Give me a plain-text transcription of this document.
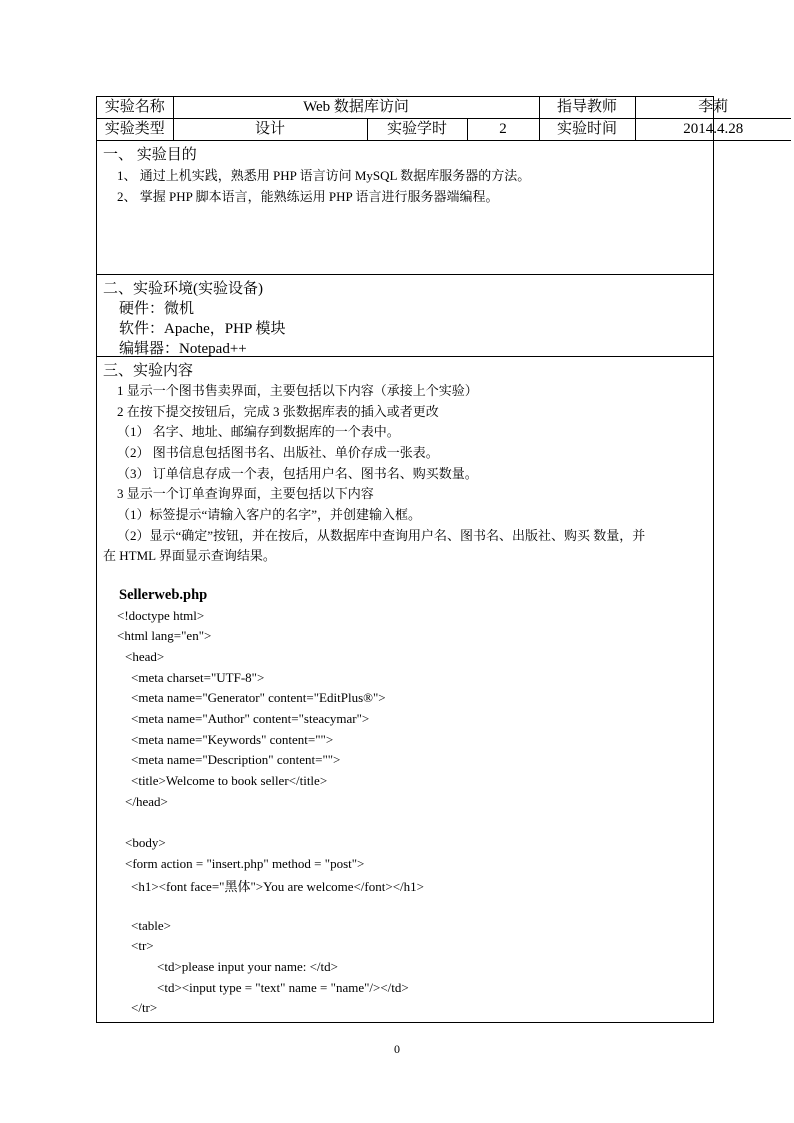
实验名称	Web 数据库访问			指导教师	李莉
实验类型	设计	实验学时	2	实验时间	2014.4.28
一、 实验目的
1、 通过上机实践，熟悉用 PHP 语言访问 MySQL 数据库服务器的方法。
2、 掌握 PHP 脚本语言，能熟练运用 PHP 语言进行服务器端编程。
二、实验环境(实验设备)
硬件：微机
软件：Apache，PHP 模块
编辑器：Notepad++
三、实验内容
1 显示一个图书售卖界面，主要包括以下内容（承接上个实验）
2 在按下提交按钮后，完成 3 张数据库表的插入或者更改
（1） 名字、地址、邮编存到数据库的一个表中。
（2） 图书信息包括图书名、出版社、单价存成一张表。
（3） 订单信息存成一个表，包括用户名、图书名、购买数量。
3 显示一个订单查询界面，主要包括以下内容
（1）标签提示“请输入客户的名字”，并创建输入框。
（2）显示“确定”按钮，并在按后，从数据库中查询用户名、图书名、出版社、购买 数量，并
在 HTML 界面显示查询结果。
Sellerweb.php
<!doctype html>
<html lang="en">
<head>
<meta charset="UTF-8">
<meta name="Generator" content="EditPlus®">
<meta name="Author" content="steacymar">
<meta name="Keywords" content="">
<meta name="Description" content="">
<title>Welcome to book seller</title>
</head>
<body>
<form action = "insert.php" method = "post">
<h1><font face="黑体">You are welcome</font></h1>
<table>
<tr>
<td>please input your name: </td>
<td><input type = "text" name = "name"/></td>
</tr>
0
